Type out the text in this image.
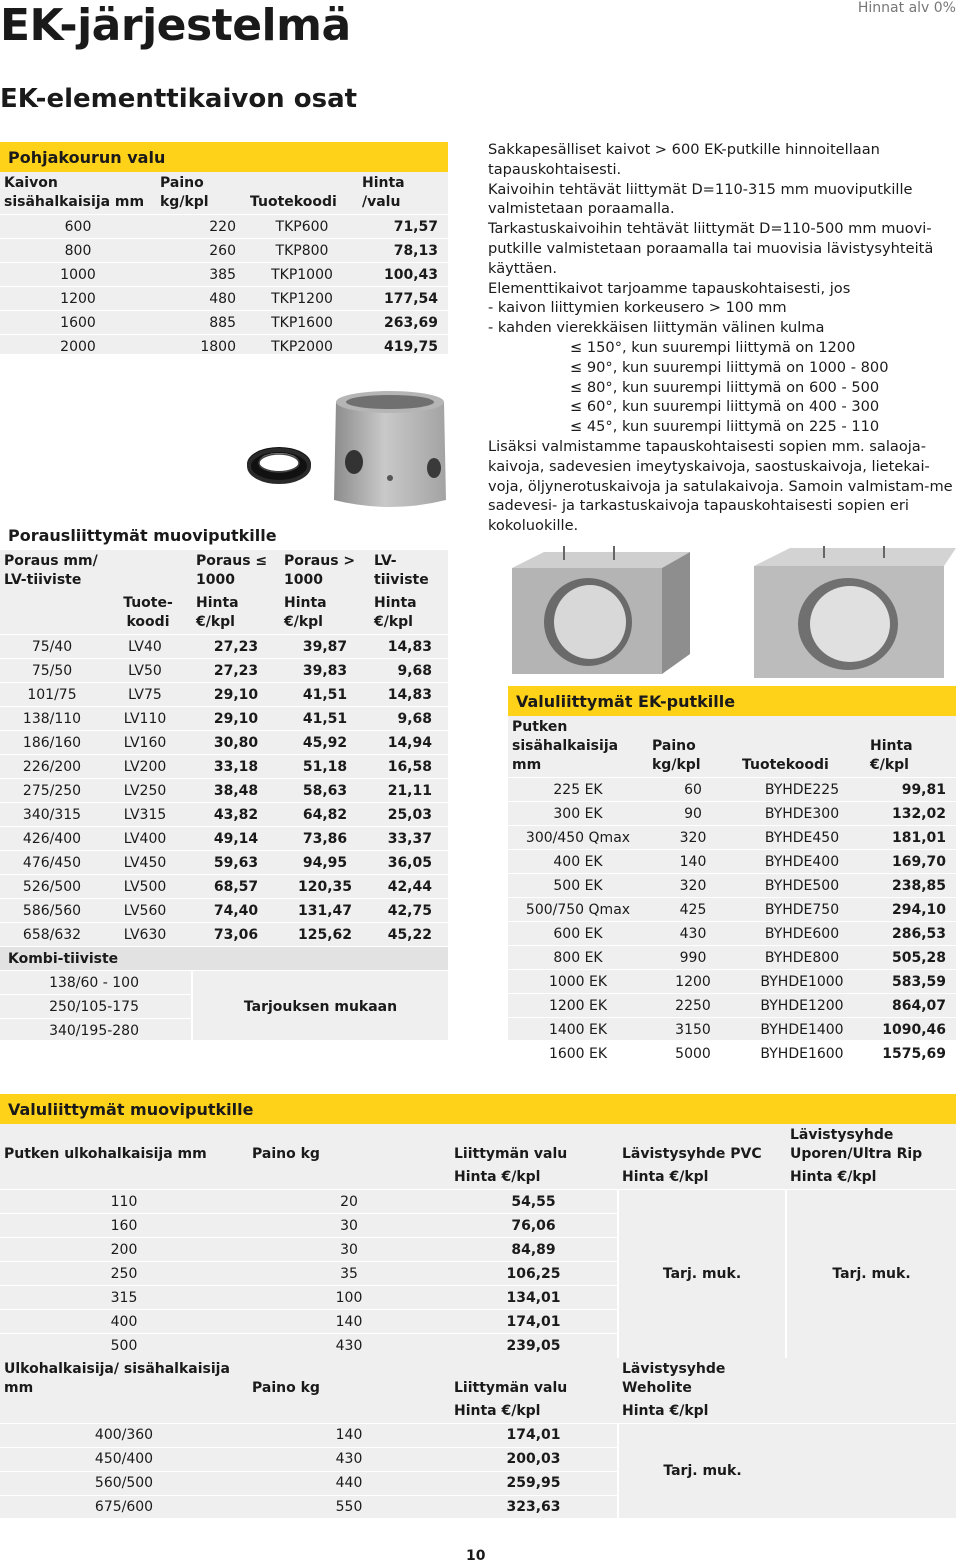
EK-järjestelmä	Hinnat alv 0%
EK-elementtikaivon osat
Pohjakourun valu
Kaivon sisähalkaisija mm	Paino kg/kpl	Tuotekoodi	Hinta /valu
600	220	TKP600	71,57
800	260	TKP800	78,13
1000	385	TKP1000	100,43
1200	480	TKP1200	177,54
1600	885	TKP1600	263,69
2000	1800	TKP2000	419,75
Porausliittymät muoviputkille
Poraus mm/ LV-tiiviste		Poraus ≤ 1000	Poraus > 1000	LV- tiiviste
	Tuote- koodi	Hinta €/kpl	Hinta €/kpl	Hinta €/kpl
75/40	LV40	27,23	39,87	14,83
75/50	LV50	27,23	39,83	9,68
101/75	LV75	29,10	41,51	14,83
138/110	LV110	29,10	41,51	9,68
186/160	LV160	30,80	45,92	14,94
226/200	LV200	33,18	51,18	16,58
275/250	LV250	38,48	58,63	21,11
340/315	LV315	43,82	64,82	25,03
426/400	LV400	49,14	73,86	33,37
476/450	LV450	59,63	94,95	36,05
526/500	LV500	68,57	120,35	42,44
586/560	LV560	74,40	131,47	42,75
658/632	LV630	73,06	125,62	45,22
Kombi-tiiviste				
138/60 - 100		Tarjouksen mukaan		
250/105-175				
340/195-280				

Sakkapesälliset kaivot > 600 EK-putkille hinnoitellaan tapauskohtaisesti.

Kaivoihin tehtävät liittymät D=110-315 mm muoviputkille valmistetaan poraamalla.

Tarkastuskaivoihin tehtävät liittymät D=110-500 mm muovi-putkille valmistetaan poraamalla tai muovisia lävistysyhteitä käyttäen.

Elementtikaivot tarjoamme tapauskohtaisesti, jos

- kaivon liittymien korkeusero > 100 mm

- kahden vierekkäisen liittymän välinen kulma

≤ 150°, kun suurempi liittymä on 1200

≤ 90°, kun suurempi liittymä on 1000 - 800

≤ 80°, kun suurempi liittymä on 600 - 500

≤ 60°, kun suurempi liittymä on 400 - 300

≤ 45°, kun suurempi liittymä on 225 - 110

Lisäksi valmistamme tapauskohtaisesti sopien mm. salaoja-kaivoja, sadevesien imeytyskaivoja, saostuskaivoja, lietekai-voja, öljynerotuskaivoja ja satulakaivoja. Samoin valmistam-me sadevesi- ja tarkastuskaivoja tapauskohtaisesti sopien eri kokoluokille.

Valuliittymät EK-putkille
Putken sisähalkaisija mm	Paino kg/kpl	Tuotekoodi	Hinta €/kpl
225 EK	60	BYHDE225	99,81
300 EK	90	BYHDE300	132,02
300/450 Qmax	320	BYHDE450	181,01
400 EK	140	BYHDE400	169,70
500 EK	320	BYHDE500	238,85
500/750 Qmax	425	BYHDE750	294,10
600 EK	430	BYHDE600	286,53
800 EK	990	BYHDE800	505,28
1000 EK	1200	BYHDE1000	583,59
1200 EK	2250	BYHDE1200	864,07
1400 EK	3150	BYHDE1400	1090,46
1600 EK	5000	BYHDE1600	1575,69
Valuliittymät muoviputkille
Putken ulkohalkaisija mm	Paino kg	Liittymän valu	Lävistysyhde PVC	Lävistysyhde Uporen/Ultra Rip
		Hinta €/kpl	Hinta €/kpl	Hinta €/kpl
110	20	54,55	Tarj. muk.	Tarj. muk.
160	30	76,06		
200	30	84,89		
250	35	106,25		
315	100	134,01		
400	140	174,01		
500	430	239,05		
Ulkohalkaisija/ sisähalkaisija mm	Paino kg	Liittymän valu	Lävistysyhde Weholite	
		Hinta €/kpl	Hinta €/kpl	
400/360	140	174,01	Tarj. muk.	
450/400	430	200,03		
560/500	440	259,95		
675/600	550	323,63		
10
